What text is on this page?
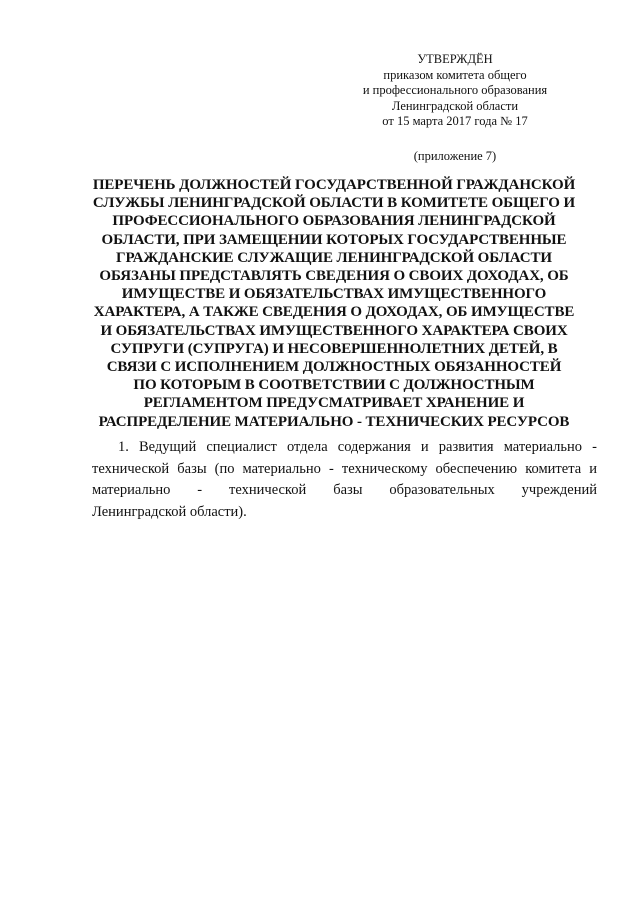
УТВЕРЖДЁН
приказом комитета общего
и профессионального образования
Ленинградской области
от 15 марта 2017 года № 17
(приложение 7)
ПЕРЕЧЕНЬ ДОЛЖНОСТЕЙ ГОСУДАРСТВЕННОЙ ГРАЖДАНСКОЙ
СЛУЖБЫ ЛЕНИНГРАДСКОЙ ОБЛАСТИ В КОМИТЕТЕ ОБЩЕГО И
ПРОФЕССИОНАЛЬНОГО ОБРАЗОВАНИЯ ЛЕНИНГРАДСКОЙ
ОБЛАСТИ, ПРИ ЗАМЕЩЕНИИ КОТОРЫХ ГОСУДАРСТВЕННЫЕ
ГРАЖДАНСКИЕ СЛУЖАЩИЕ ЛЕНИНГРАДСКОЙ ОБЛАСТИ
ОБЯЗАНЫ ПРЕДСТАВЛЯТЬ СВЕДЕНИЯ О СВОИХ ДОХОДАХ, ОБ
ИМУЩЕСТВЕ И ОБЯЗАТЕЛЬСТВАХ ИМУЩЕСТВЕННОГО
ХАРАКТЕРА, А ТАКЖЕ СВЕДЕНИЯ О ДОХОДАХ, ОБ ИМУЩЕСТВЕ
И ОБЯЗАТЕЛЬСТВАХ ИМУЩЕСТВЕННОГО ХАРАКТЕРА СВОИХ
СУПРУГИ (СУПРУГА) И НЕСОВЕРШЕННОЛЕТНИХ ДЕТЕЙ, В
СВЯЗИ С ИСПОЛНЕНИЕМ ДОЛЖНОСТНЫХ ОБЯЗАННОСТЕЙ
ПО КОТОРЫМ В СООТВЕТСТВИИ С ДОЛЖНОСТНЫМ
РЕГЛАМЕНТОМ ПРЕДУСМАТРИВАЕТ ХРАНЕНИЕ И
РАСПРЕДЕЛЕНИЕ МАТЕРИАЛЬНО - ТЕХНИЧЕСКИХ РЕСУРСОВ
1. Ведущий специалист отдела содержания и развития материально -
технической базы (по материально - техническому обеспечению комитета и
материально - технической базы образовательных учреждений
Ленинградской области).
